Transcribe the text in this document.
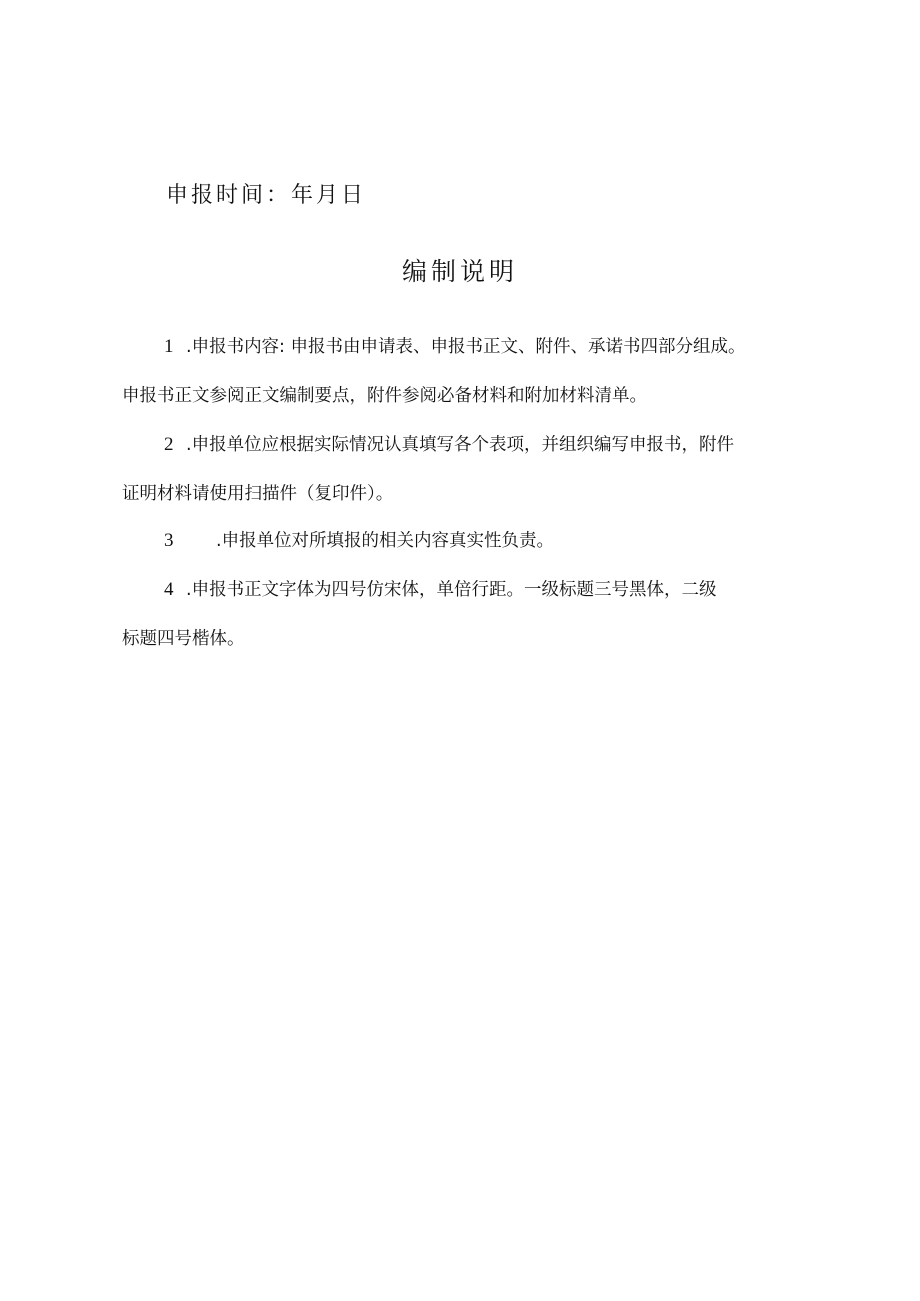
申报时间：年月日
编制说明
1 .申报书内容: 申报书由申请表、申报书正文、附件、承诺书四部分组成。
申报书正文参阅正文编制要点，附件参阅必备材料和附加材料清单。
2 .申报单位应根据实际情况认真填写各个表项，并组织编写申报书，附件
证明材料请使用扫描件（复印件）。
3 .申报单位对所填报的相关内容真实性负责。
4 .申报书正文字体为四号仿宋体，单倍行距。一级标题三号黑体，二级
标题四号楷体。
